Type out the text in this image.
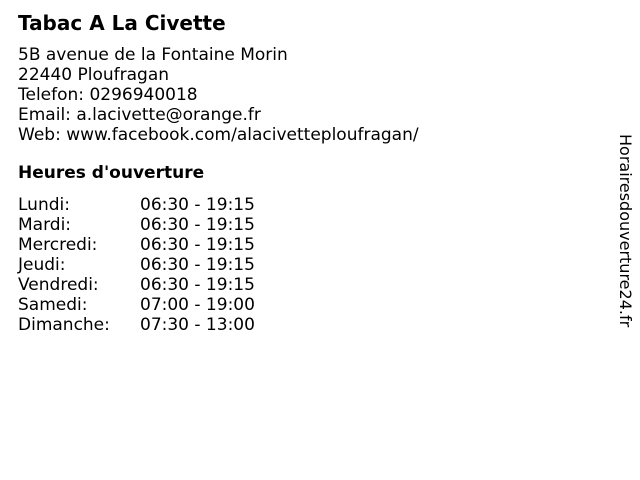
Tabac A La Civette
5B avenue de la Fontaine Morin
22440 Ploufragan
Telefon: 0296940018
Email: a.lacivette@orange.fr
Web: www.facebook.com/alacivetteploufragan/
Heures d'ouverture
Lundi:	06:30 - 19:15
Mardi:	06:30 - 19:15
Mercredi:	06:30 - 19:15
Jeudi:	06:30 - 19:15
Vendredi: 06:30 - 19:15
Samedi:	07:00 - 19:00
Dimanche: 07:30 - 13:00	Horairesdouverture24.fr
